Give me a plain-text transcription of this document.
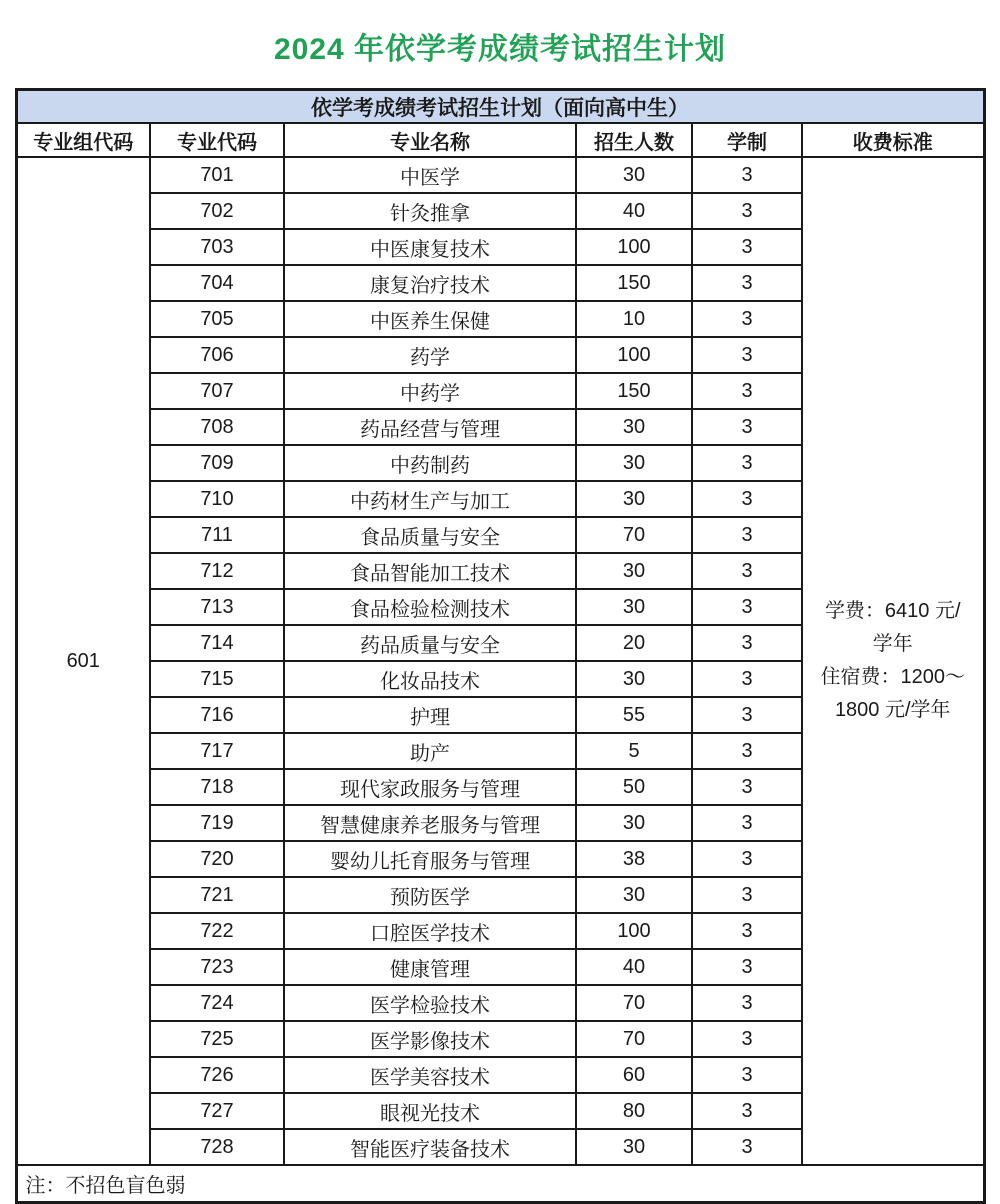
2024 年依学考成绩考试招生计划
依学考成绩考试招生计划（面向高中生）					
专业组代码	专业代码	专业名称	招生人数	学制	收费标准
601	701	中医学	30	3	学费：6410 元/
学年
住宿费：1200～
1800 元/学年

	702	针灸推拿	40	3	
	703	中医康复技术	100	3	
	704	康复治疗技术	150	3	
	705	中医养生保健	10	3	
	706	药学	100	3	
	707	中药学	150	3	
	708	药品经营与管理	30	3	
	709	中药制药	30	3	
	710	中药材生产与加工	30	3	
	711	食品质量与安全	70	3	
	712	食品智能加工技术	30	3	
	713	食品检验检测技术	30	3	
	714	药品质量与安全	20	3	
	715	化妆品技术	30	3	
	716	护理	55	3	
	717	助产	5	3	
	718	现代家政服务与管理	50	3	
	719	智慧健康养老服务与管理	30	3	
	720	婴幼儿托育服务与管理	38	3	
	721	预防医学	30	3	
	722	口腔医学技术	100	3	
	723	健康管理	40	3	
	724	医学检验技术	70	3	
	725	医学影像技术	70	3	
	726	医学美容技术	60	3	
	727	眼视光技术	80	3	
	728	智能医疗装备技术	30	3	
注：不招色盲色弱					
